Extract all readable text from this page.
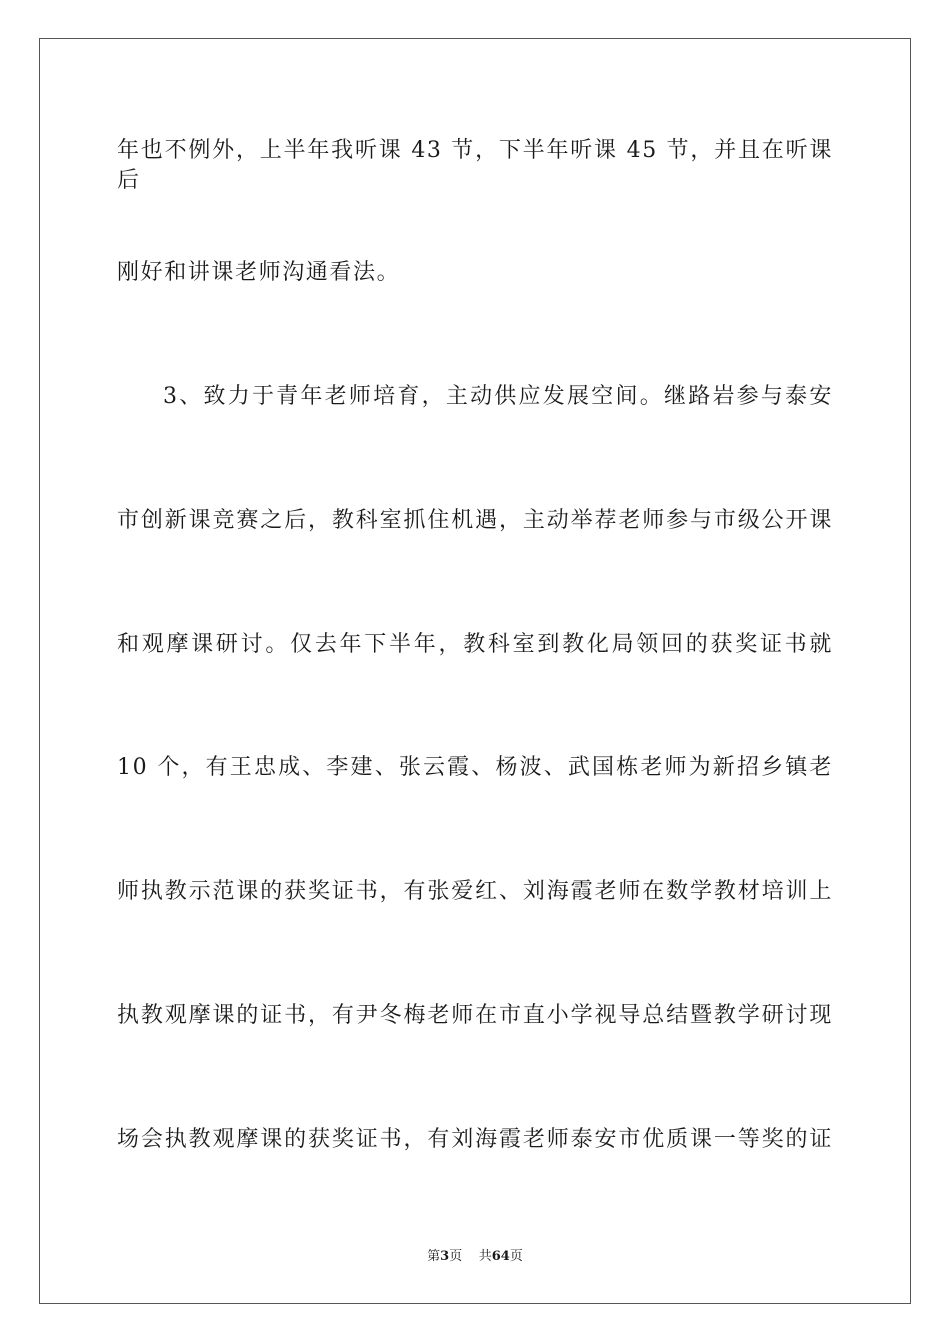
年也不例外，上半年我听课 43 节，下半年听课 45 节，并且在听课后
刚好和讲课老师沟通看法。
3、致力于青年老师培育，主动供应发展空间。继路岩参与泰安
市创新课竞赛之后，教科室抓住机遇，主动举荐老师参与市级公开课
和观摩课研讨。仅去年下半年，教科室到教化局领回的获奖证书就
10 个，有王忠成、李建、张云霞、杨波、武国栋老师为新招乡镇老
师执教示范课的获奖证书，有张爱红、刘海霞老师在数学教材培训上
执教观摩课的证书，有尹冬梅老师在市直小学视导总结暨教学研讨现
场会执教观摩课的获奖证书，有刘海霞老师泰安市优质课一等奖的证
第3页    共64页
